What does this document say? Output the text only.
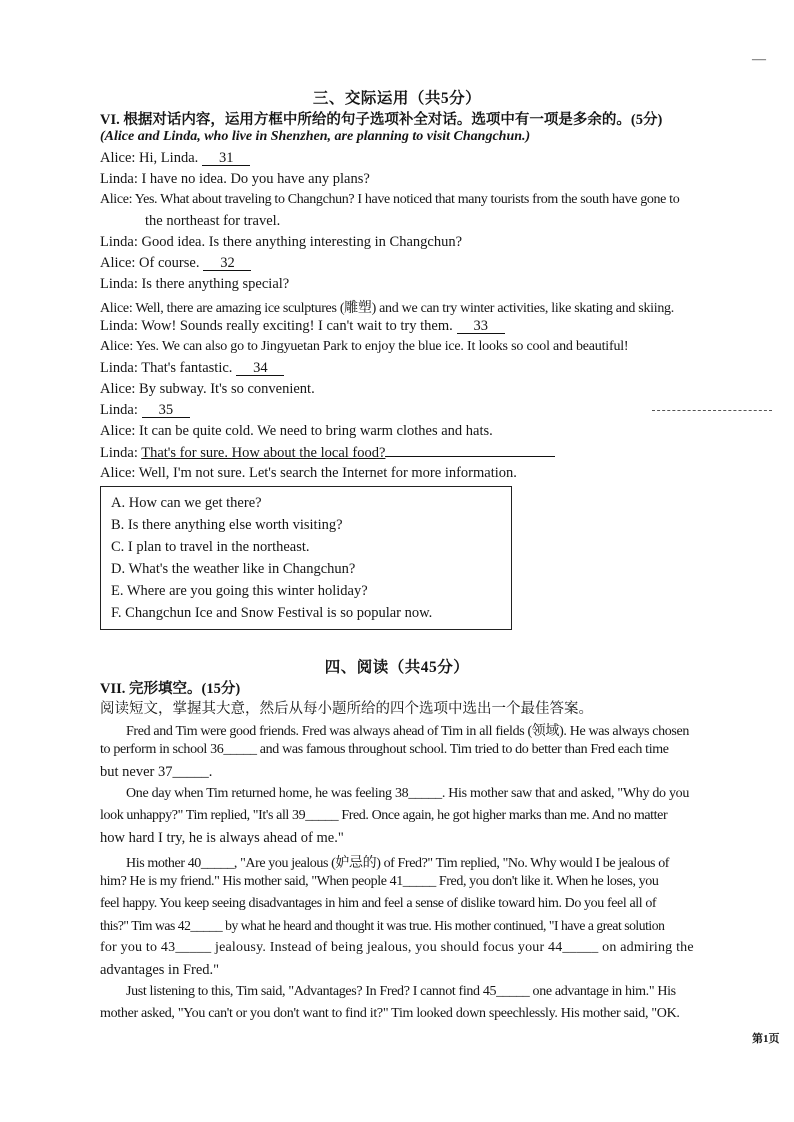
—
三、交际运用（共5分）
VI. 根据对话内容，运用方框中所给的句子选项补全对话。选项中有一项是多余的。(5分)
(Alice and Linda, who live in Shenzhen, are planning to visit Changchun.)
Alice: Hi, Linda. 31
Linda: I have no idea. Do you have any plans?
Alice: Yes. What about traveling to Changchun? I have noticed that many tourists from the south have gone to
the northeast for travel.
Linda: Good idea. Is there anything interesting in Changchun?
Alice: Of course. 32
Linda: Is there anything special?
Alice: Well, there are amazing ice sculptures (雕塑) and we can try winter activities, like skating and skiing.
Linda: Wow! Sounds really exciting! I can't wait to try them. 33
Alice: Yes. We can also go to Jingyuetan Park to enjoy the blue ice. It looks so cool and beautiful!
Linda: That's fantastic. 34
Alice: By subway. It's so convenient.
Linda: 35
Alice: It can be quite cold. We need to bring warm clothes and hats.
Linda: That's for sure. How about the local food?
Alice: Well, I'm not sure. Let's search the Internet for more information.
A. How can we get there?
B. Is there anything else worth visiting?
C. I plan to travel in the northeast.
D. What's the weather like in Changchun?
E. Where are you going this winter holiday?
F. Changchun Ice and Snow Festival is so popular now.
四、阅读（共45分）
VII. 完形填空。(15分)
阅读短文，掌握其大意，然后从每小题所给的四个选项中选出一个最佳答案。
Fred and Tim were good friends. Fred was always ahead of Tim in all fields (领域). He was always chosen
to perform in school 36_____ and was famous throughout school. Tim tried to do better than Fred each time
but never 37_____.
One day when Tim returned home, he was feeling 38_____. His mother saw that and asked, "Why do you
look unhappy?" Tim replied, "It's all 39_____ Fred. Once again, he got higher marks than me. And no matter
how hard I try, he is always ahead of me."
His mother 40_____, "Are you jealous (妒忌的) of Fred?" Tim replied, "No. Why would I be jealous of
him? He is my friend." His mother said, "When people 41_____ Fred, you don't like it. When he loses, you
feel happy. You keep seeing disadvantages in him and feel a sense of dislike toward him. Do you feel all of
this?" Tim was 42_____ by what he heard and thought it was true. His mother continued, "I have a great solution
for you to 43_____ jealousy. Instead of being jealous, you should focus your 44_____ on admiring the
advantages in Fred."
Just listening to this, Tim said, "Advantages? In Fred? I cannot find 45_____ one advantage in him." His
mother asked, "You can't or you don't want to find it?" Tim looked down speechlessly. His mother said, "OK.
第1页
